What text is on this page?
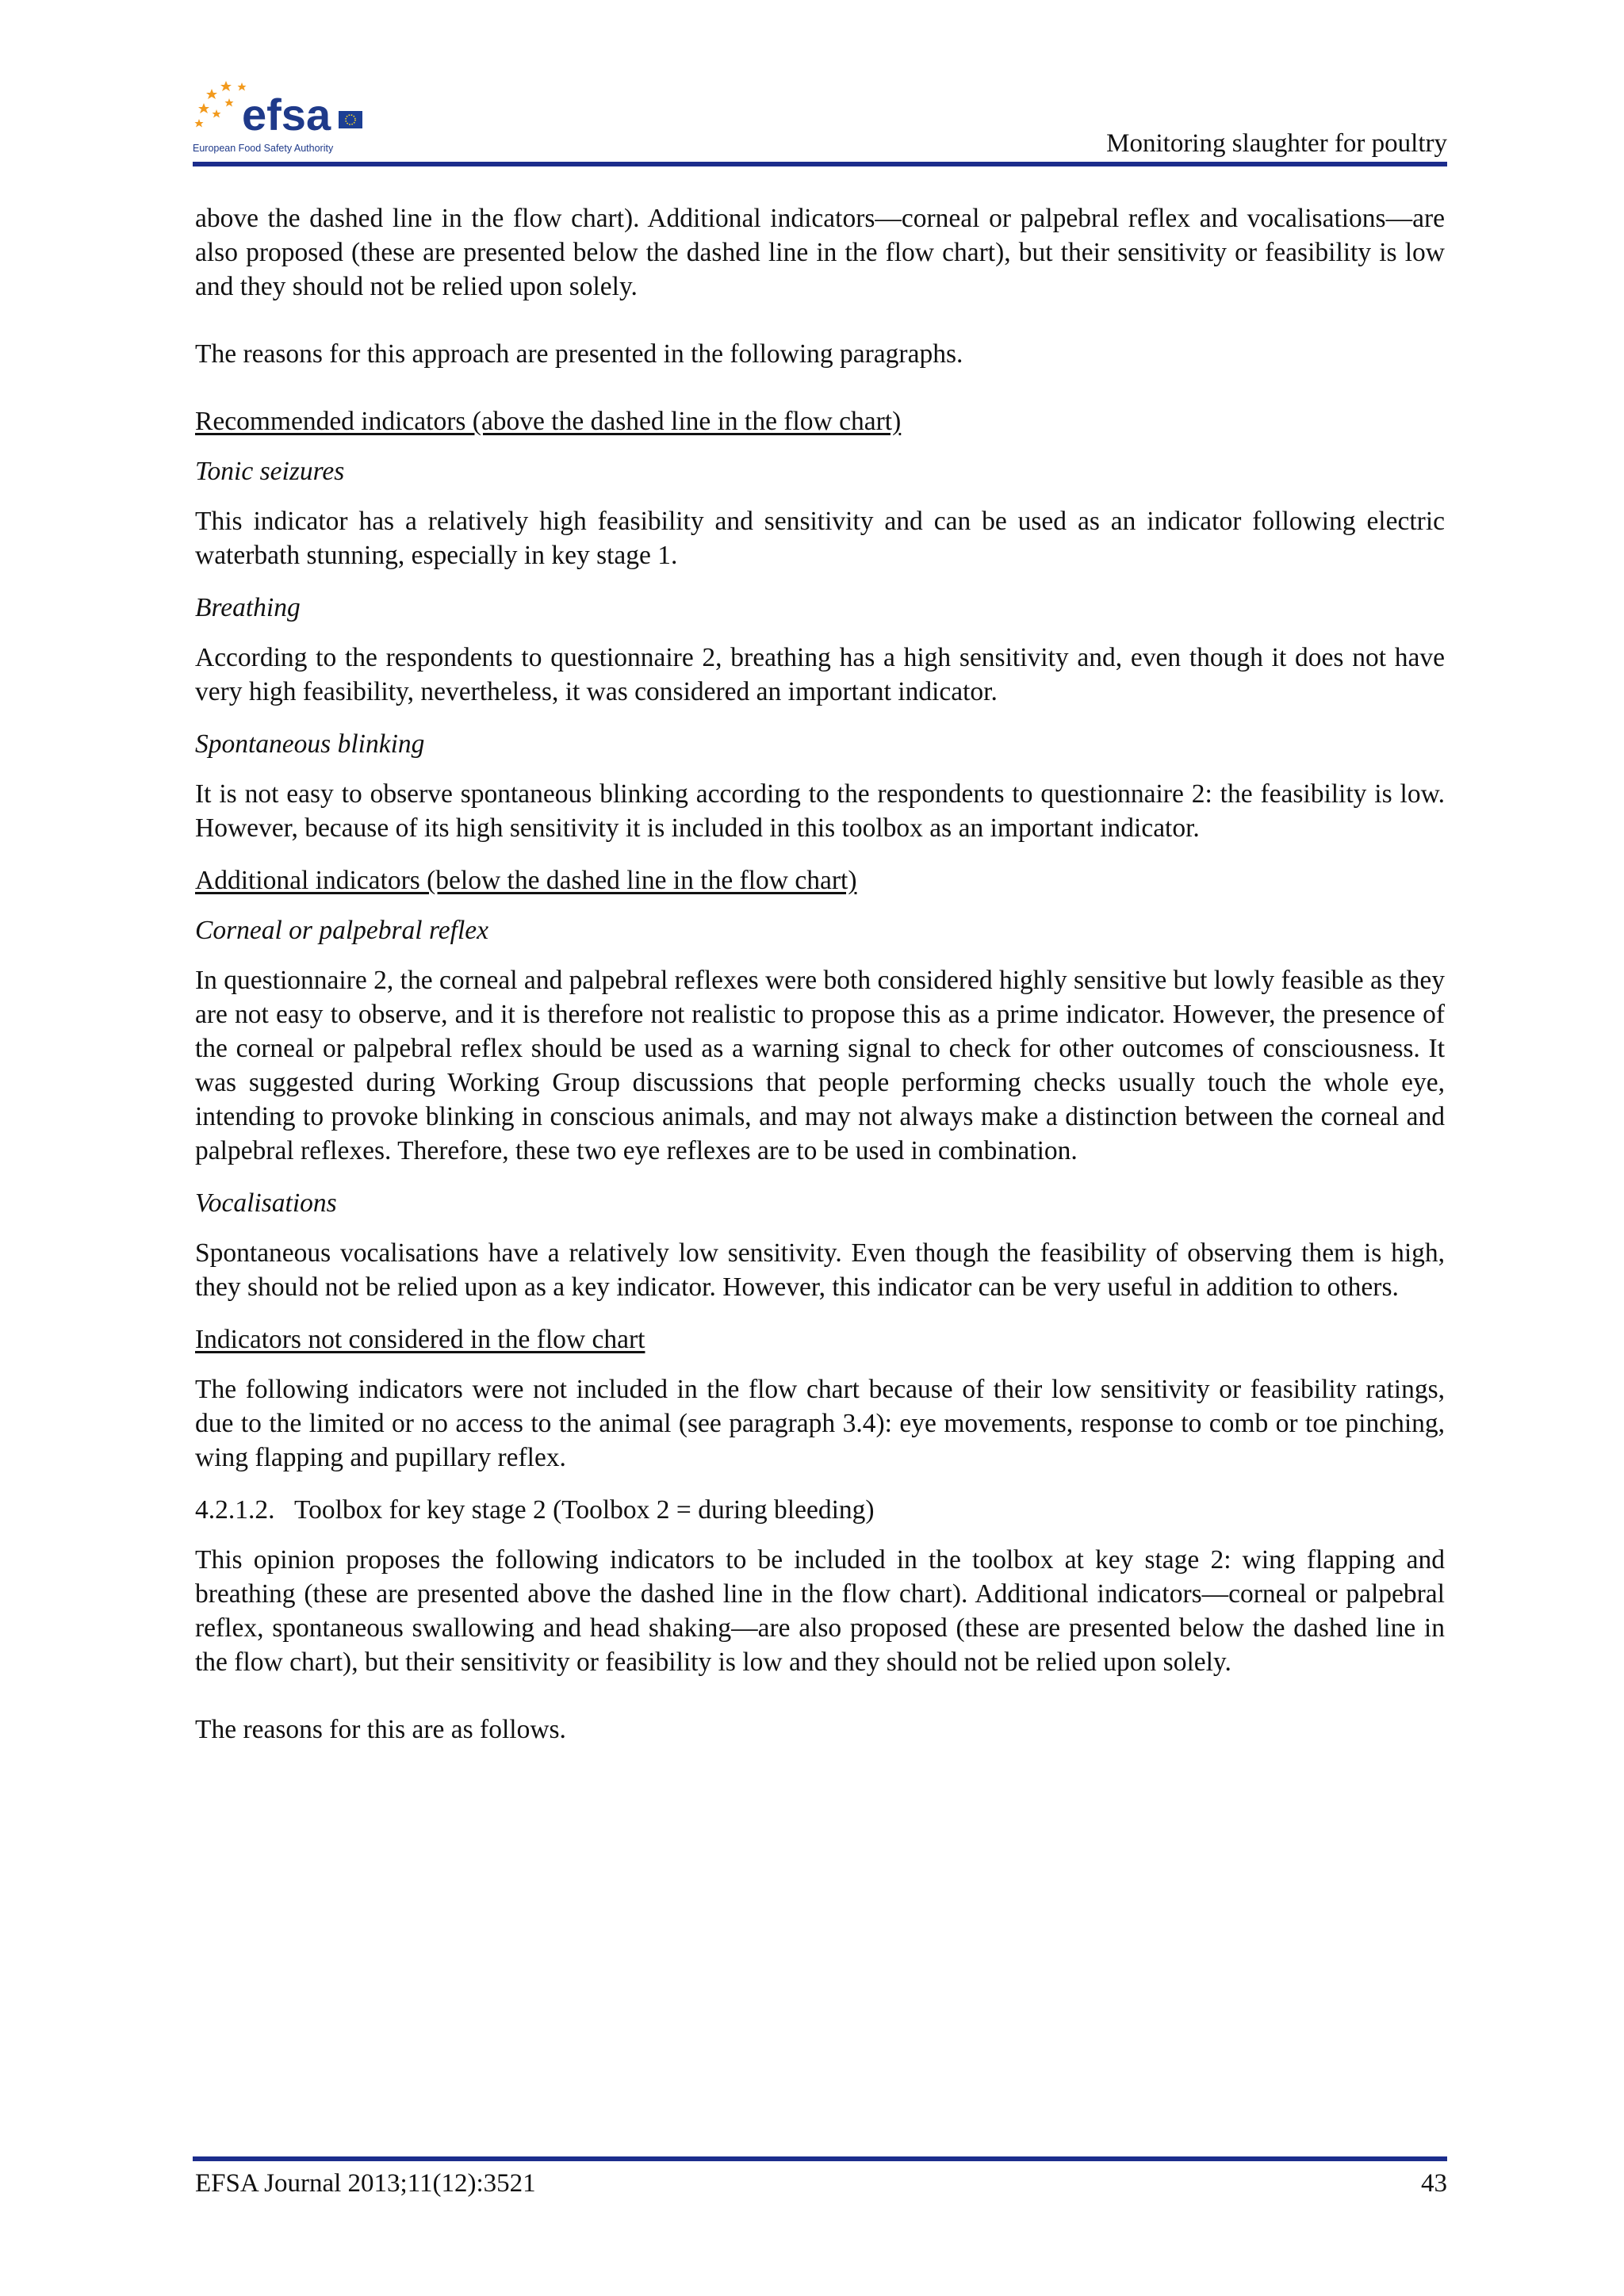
efsa
European Food Safety Authority	Monitoring slaughter for poultry

above the dashed line in the flow chart). Additional indicators—corneal or palpebral reflex and vocalisations—are also proposed (these are presented below the dashed line in the flow chart), but their sensitivity or feasibility is low and they should not be relied upon solely.

The reasons for this approach are presented in the following paragraphs.

Recommended indicators (above the dashed line in the flow chart)

Tonic seizures

This indicator has a relatively high feasibility and sensitivity and can be used as an indicator following electric waterbath stunning, especially in key stage 1.

Breathing

According to the respondents to questionnaire 2, breathing has a high sensitivity and, even though it does not have very high feasibility, nevertheless, it was considered an important indicator.

Spontaneous blinking

It is not easy to observe spontaneous blinking according to the respondents to questionnaire 2: the feasibility is low. However, because of its high sensitivity it is included in this toolbox as an important indicator.

Additional indicators (below the dashed line in the flow chart)

Corneal or palpebral reflex

In questionnaire 2, the corneal and palpebral reflexes were both considered highly sensitive but lowly feasible as they are not easy to observe, and it is therefore not realistic to propose this as a prime indicator. However, the presence of the corneal or palpebral reflex should be used as a warning signal to check for other outcomes of consciousness. It was suggested during Working Group discussions that people performing checks usually touch the whole eye, intending to provoke blinking in conscious animals, and may not always make a distinction between the corneal and palpebral reflexes. Therefore, these two eye reflexes are to be used in combination.

Vocalisations

Spontaneous vocalisations have a relatively low sensitivity. Even though the feasibility of observing them is high, they should not be relied upon as a key indicator. However, this indicator can be very useful in addition to others.

Indicators not considered in the flow chart

The following indicators were not included in the flow chart because of their low sensitivity or feasibility ratings, due to the limited or no access to the animal (see paragraph 3.4): eye movements, response to comb or toe pinching, wing flapping and pupillary reflex.

4.2.1.2. Toolbox for key stage 2 (Toolbox 2 = during bleeding)

This opinion proposes the following indicators to be included in the toolbox at key stage 2: wing flapping and breathing (these are presented above the dashed line in the flow chart). Additional indicators—corneal or palpebral reflex, spontaneous swallowing and head shaking—are also proposed (these are presented below the dashed line in the flow chart), but their sensitivity or feasibility is low and they should not be relied upon solely.

The reasons for this are as follows.

EFSA Journal 2013;11(12):3521	43
